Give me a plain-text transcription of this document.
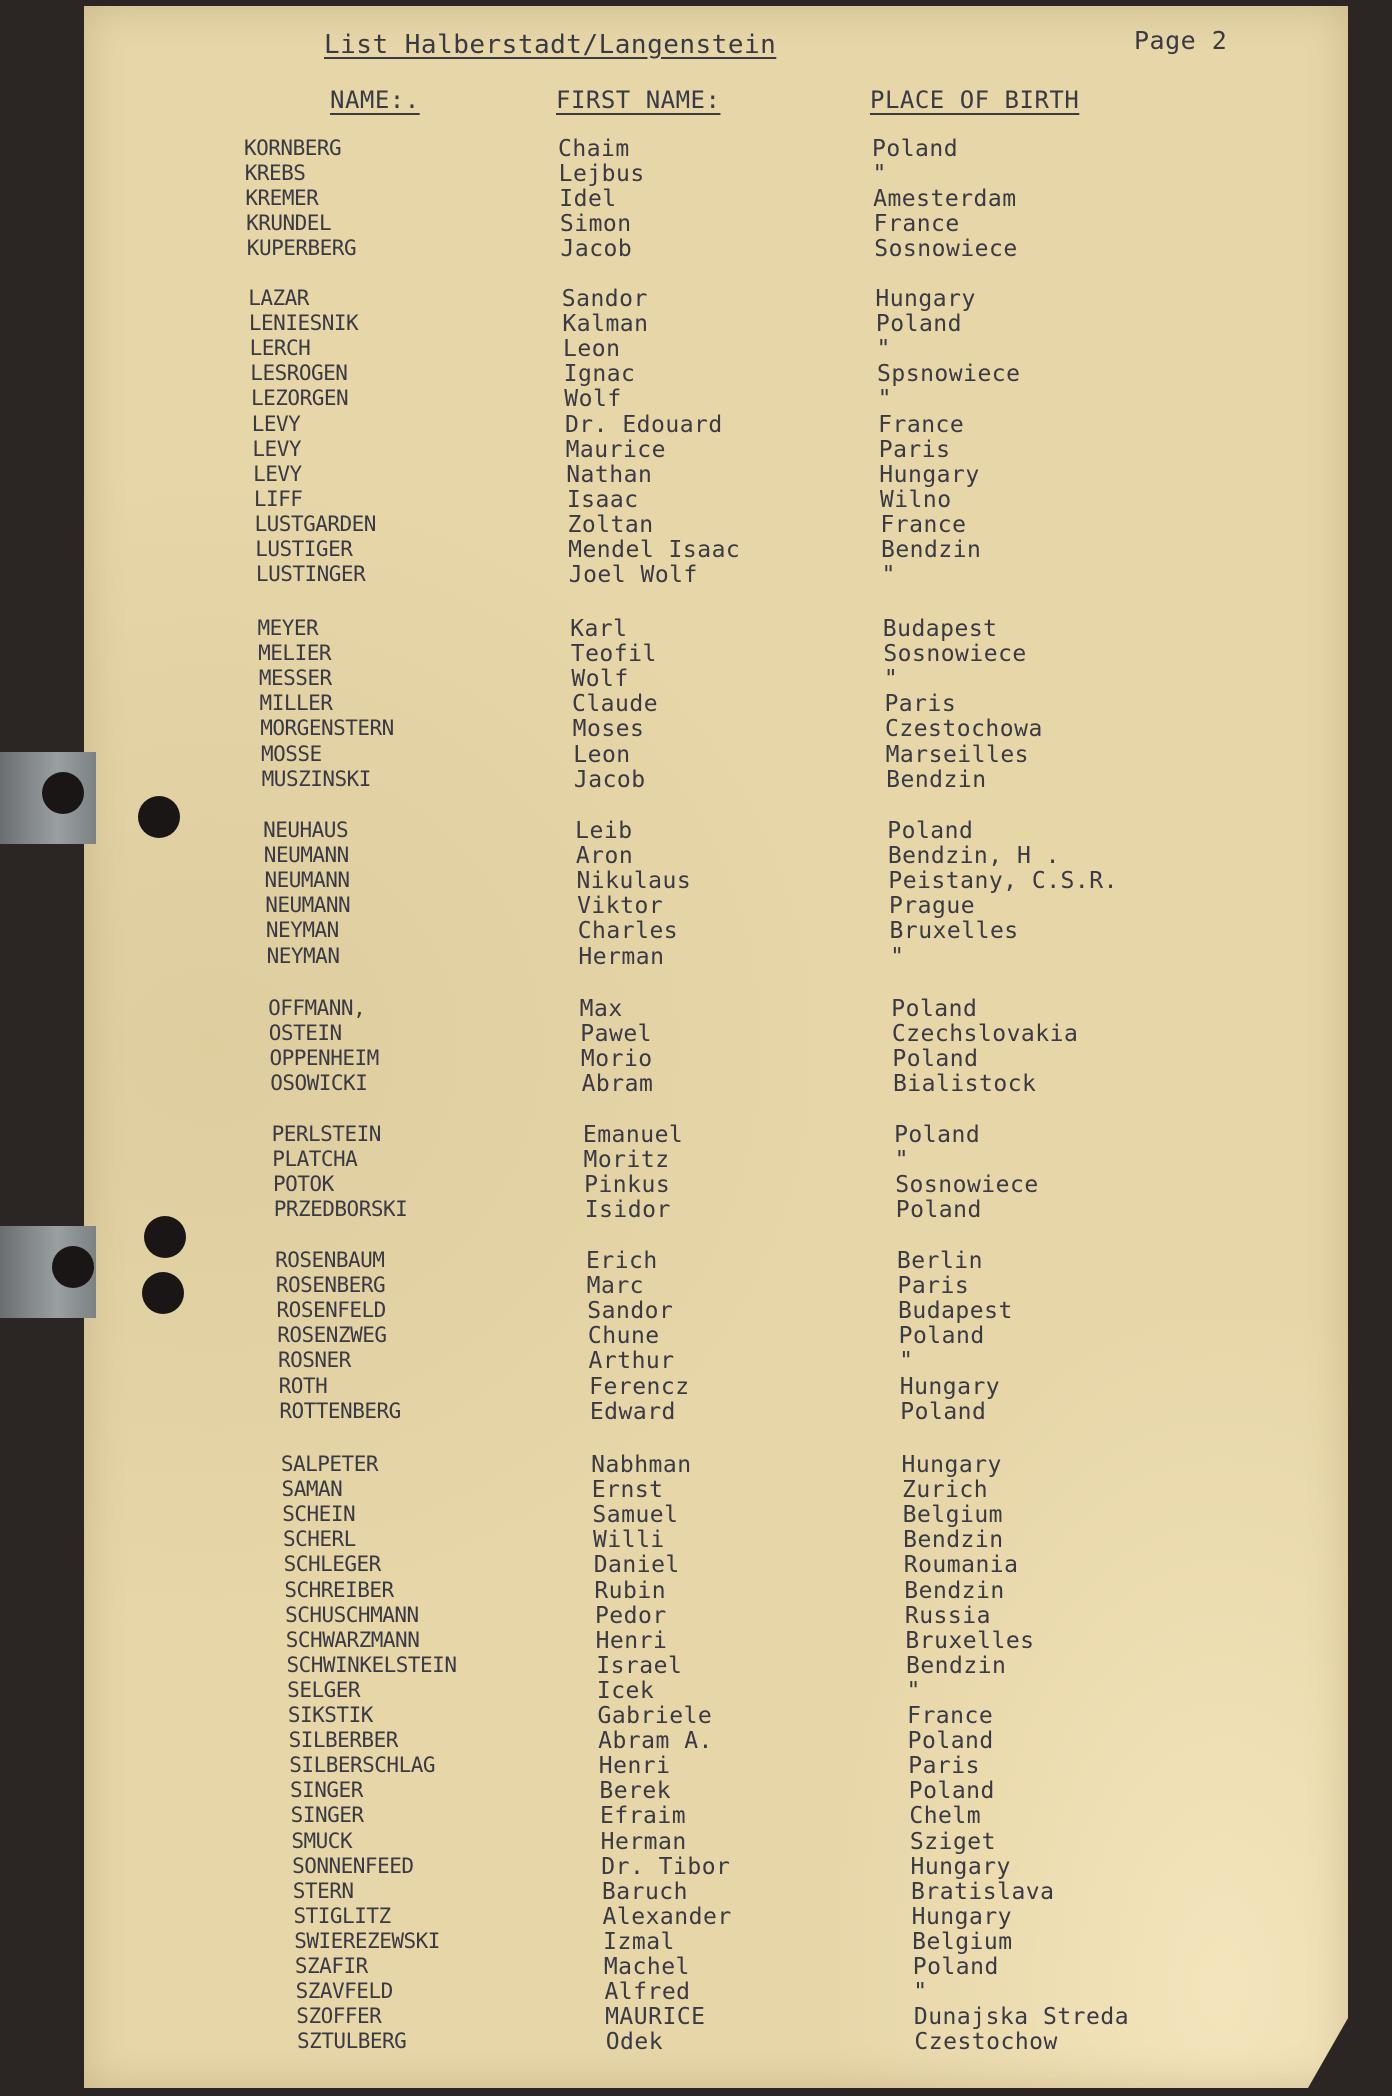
List Halberstadt/Langenstein	Page 2
NAME:.	FIRST NAME:	PLACE OF BIRTH
KORNBERG	Chaim	Poland
KREBS	Lejbus	"
KREMER	Idel	Amesterdam
KRUNDEL	Simon	France
KUPERBERG	Jacob	Sosnowiece
LAZAR	Sandor	Hungary
LENIESNIK	Kalman	Poland
LERCH	Leon	"
LESROGEN	Ignac	Spsnowiece
LEZORGEN	Wolf	"
LEVY	Dr. Edouard	France
LEVY	Maurice	Paris
LEVY	Nathan	Hungary
LIFF	Isaac	Wilno
LUSTGARDEN	Zoltan	France
LUSTIGER	Mendel Isaac	Bendzin
LUSTINGER	Joel Wolf	"
MEYER	Karl	Budapest
MELIER	Teofil	Sosnowiece
MESSER	Wolf	"
MILLER	Claude	Paris
MORGENSTERN	Moses	Czestochowa
MOSSE	Leon	Marseilles
MUSZINSKI	Jacob	Bendzin
NEUHAUS	Leib	Poland
NEUMANN	Aron	Bendzin, H .
NEUMANN	Nikulaus	Peistany, C.S.R.
NEUMANN	Viktor	Prague
NEYMAN	Charles	Bruxelles
NEYMAN	Herman	"
OFFMANN,	Max	Poland
OSTEIN	Pawel	Czechslovakia
OPPENHEIM	Morio	Poland
OSOWICKI	Abram	Bialistock
PERLSTEIN	Emanuel	Poland
PLATCHA	Moritz	"
POTOK	Pinkus	Sosnowiece
PRZEDBORSKI	Isidor	Poland
ROSENBAUM	Erich	Berlin
ROSENBERG	Marc	Paris
ROSENFELD	Sandor	Budapest
ROSENZWEG	Chune	Poland
ROSNER	Arthur	"
ROTH	Ferencz	Hungary
ROTTENBERG	Edward	Poland
SALPETER	Nabhman	Hungary
SAMAN	Ernst	Zurich
SCHEIN	Samuel	Belgium
SCHERL	Willi	Bendzin
SCHLEGER	Daniel	Roumania
SCHREIBER	Rubin	Bendzin
SCHUSCHMANN	Pedor	Russia
SCHWARZMANN	Henri	Bruxelles
SCHWINKELSTEIN	Israel	Bendzin
SELGER	Icek	"
SIKSTIK	Gabriele	France
SILBERBER	Abram A.	Poland
SILBERSCHLAG	Henri	Paris
SINGER	Berek	Poland
SINGER	Efraim	Chelm
SMUCK	Herman	Sziget
SONNENFEED	Dr. Tibor	Hungary
STERN	Baruch	Bratislava
STIGLITZ	Alexander	Hungary
SWIEREZEWSKI	Izmal	Belgium
SZAFIR	Machel	Poland
SZAVFELD	Alfred	"
SZOFFER	MAURICE	Dunajska Streda
SZTULBERG	Odek	Czestochow
